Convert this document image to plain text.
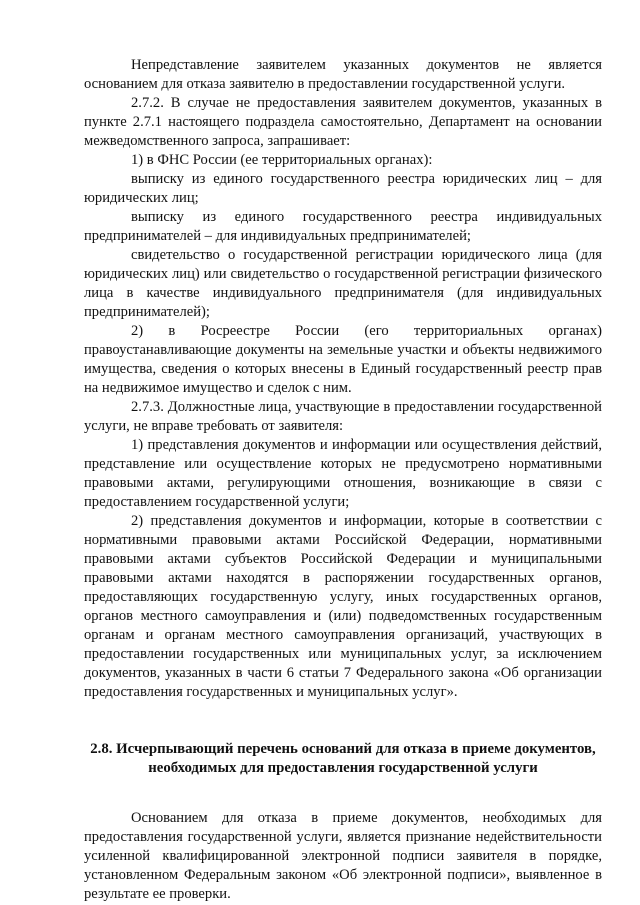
Непредставление заявителем указанных документов не является основанием для отказа заявителю в предоставлении государственной услуги.

2.7.2. В случае не предоставления заявителем документов, указанных в пункте 2.7.1 настоящего подраздела самостоятельно, Департамент на основании межведомственного запроса, запрашивает:

1) в ФНС России (ее территориальных органах):

выписку из единого государственного реестра юридических лиц – для юридических лиц;

выписку из единого государственного реестра индивидуальных предпринимателей – для индивидуальных предпринимателей;

свидетельство о государственной регистрации юридического лица (для юридических лиц) или свидетельство о государственной регистрации физического лица в качестве индивидуального предпринимателя (для индивидуальных предпринимателей);

2) в Росреестре России (его территориальных органах) правоустанавливающие документы на земельные участки и объекты недвижимого имущества, сведения о которых внесены в Единый государственный реестр прав на недвижимое имущество и сделок с ним.

2.7.3. Должностные лица, участвующие в предоставлении государственной услуги, не вправе требовать от заявителя:

1) представления документов и информации или осуществления действий, представление или осуществление которых не предусмотрено нормативными правовыми актами, регулирующими отношения, возникающие в связи с предоставлением государственной услуги;

2) представления документов и информации, которые в соответствии с нормативными правовыми актами Российской Федерации, нормативными правовыми актами субъектов Российской Федерации и муниципальными правовыми актами находятся в распоряжении государственных органов, предоставляющих государственную услугу, иных государственных органов, органов местного самоуправления и (или) подведомственных государственным органам и органам местного самоуправления организаций, участвующих в предоставлении государственных или муниципальных услуг, за исключением документов, указанных в части 6 статьи 7 Федерального закона «Об организации предоставления государственных и муниципальных услуг».

2.8. Исчерпывающий перечень оснований для отказа в приеме документов,
необходимых для предоставления государственной услуги

Основанием для отказа в приеме документов, необходимых для предоставления государственной услуги, является признание недействительности усиленной квалифицированной электронной подписи заявителя в порядке, установленном Федеральным законом «Об электронной подписи», выявленное в результате ее проверки.
